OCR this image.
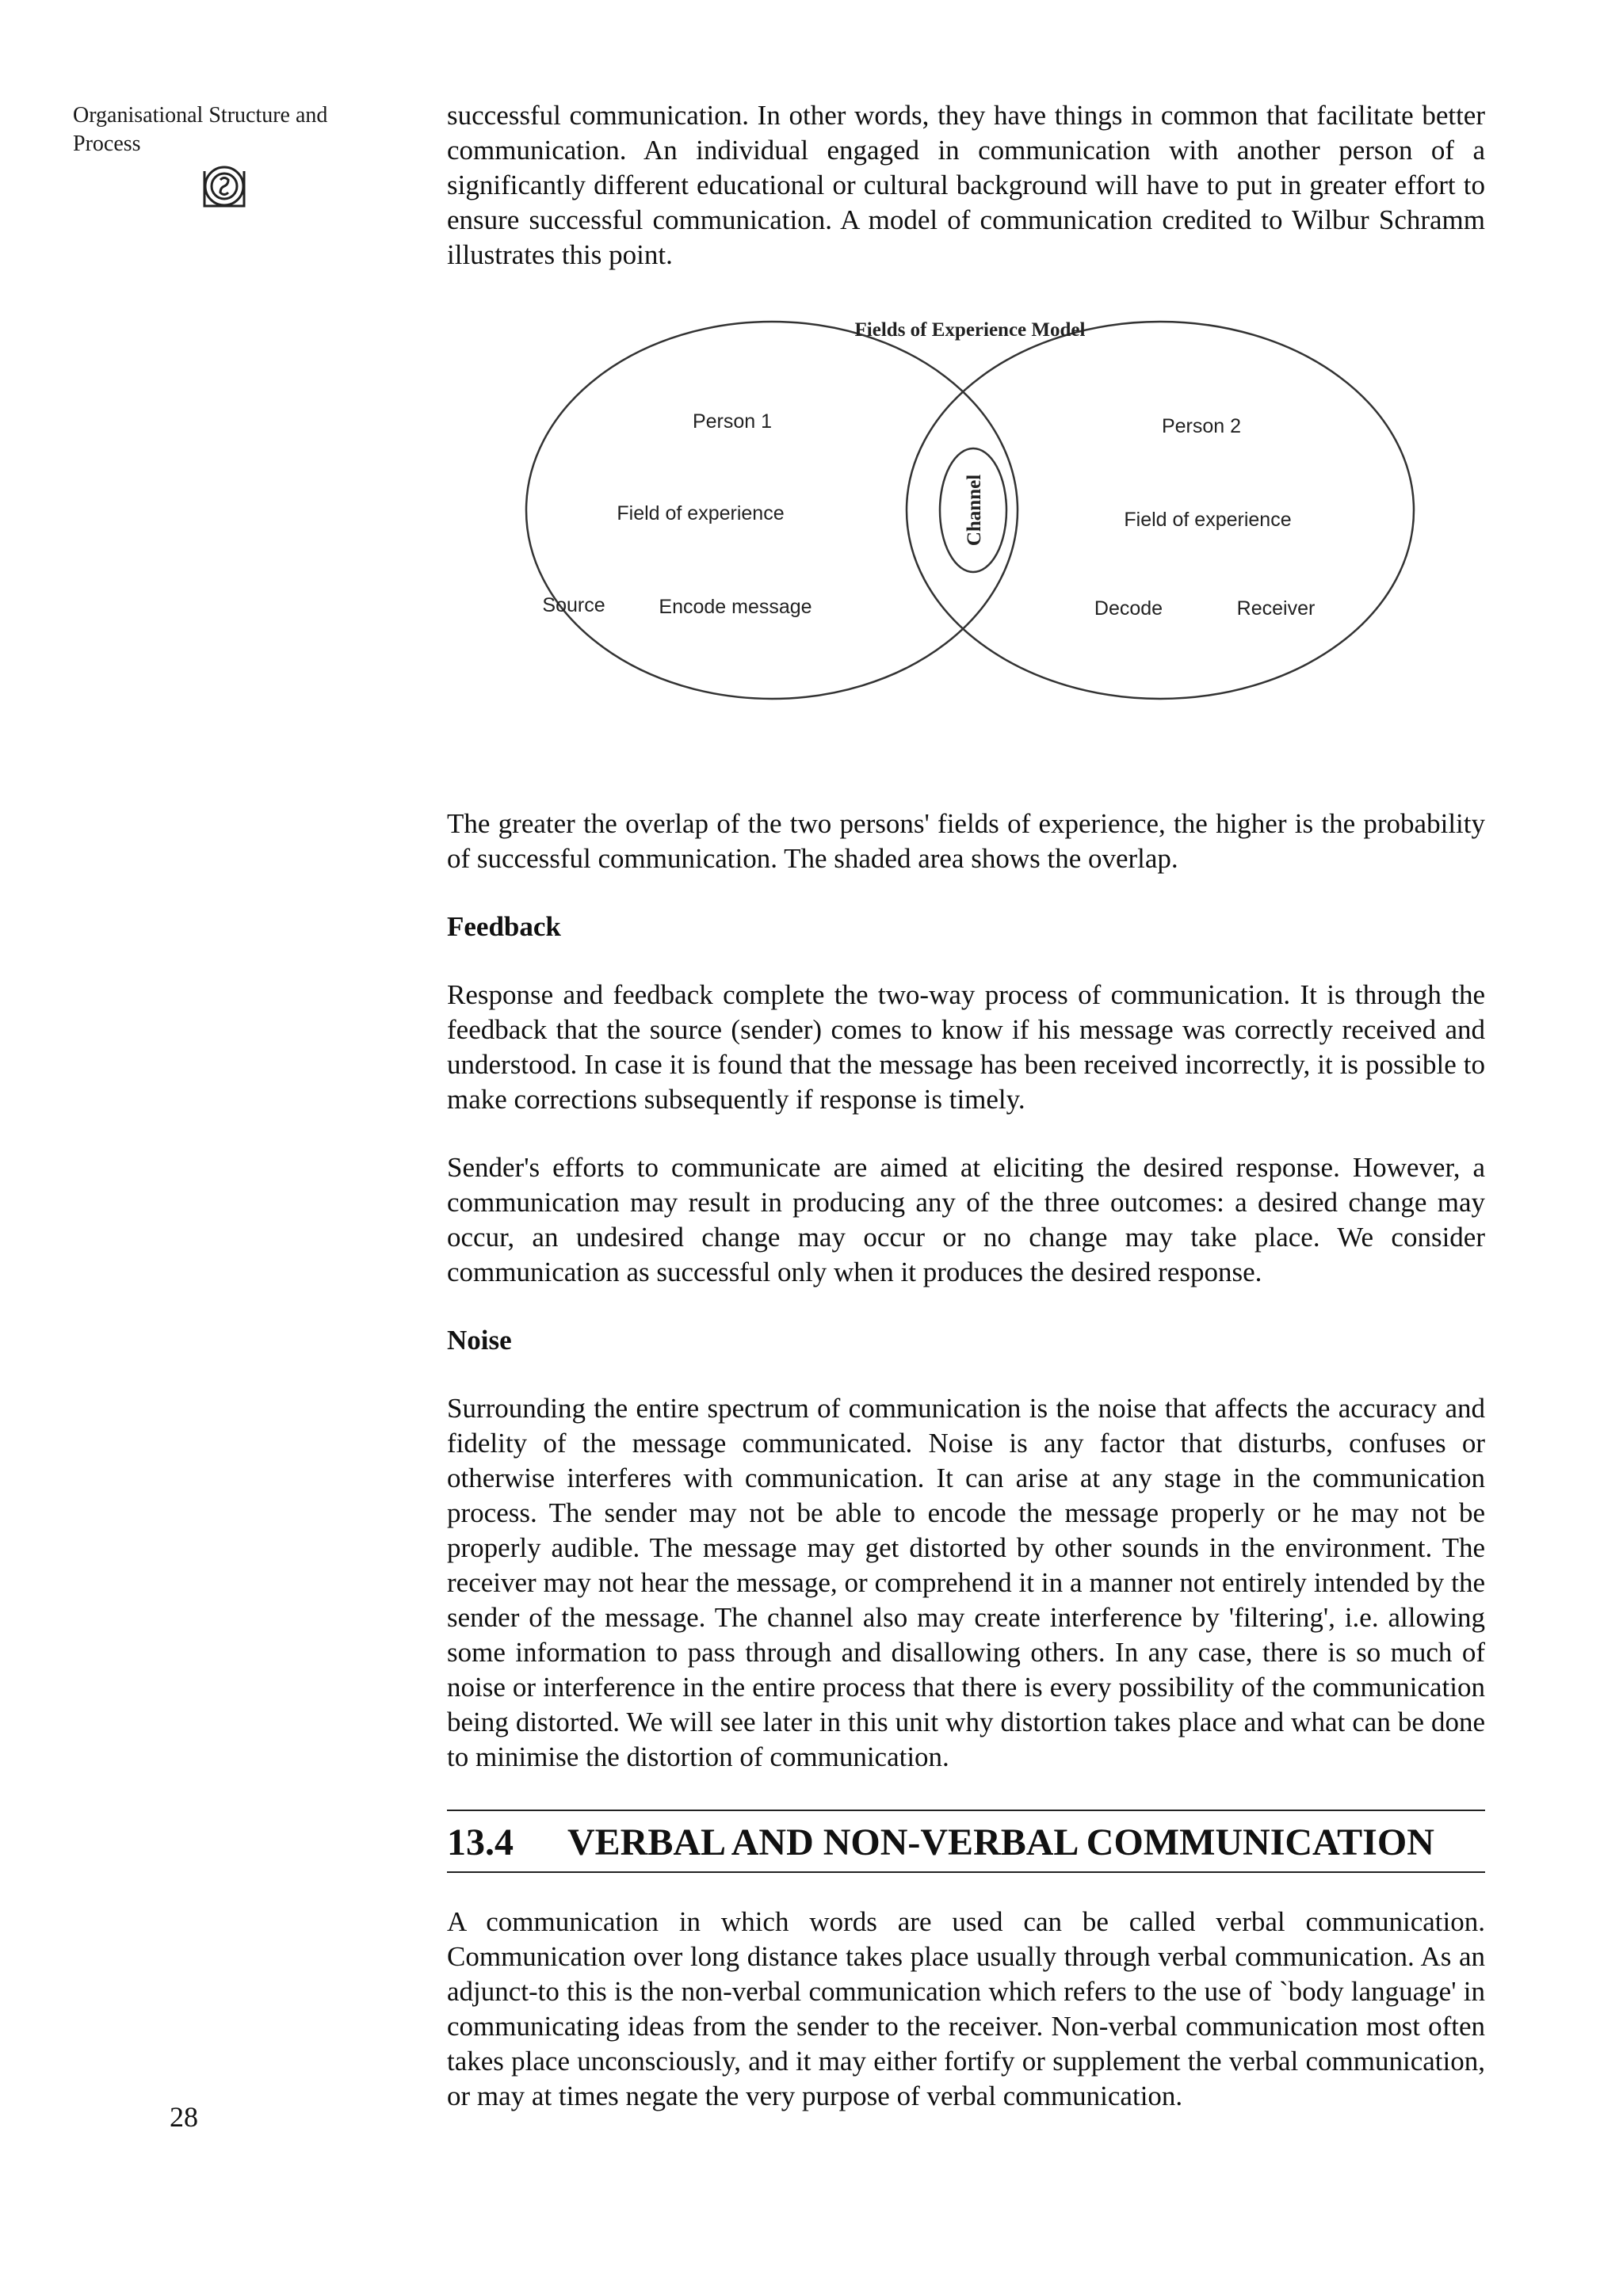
Organisational Structure and Process
28

successful communication. In other words, they have things in common that facilitate better communication. An individual engaged in communication with another person of a significantly different educational or cultural background will have to put in greater effort to ensure successful communication. A model of communication credited to Wilbur Schramm illustrates this point.

Fields of Experience Model
Person 1
Field of experience
Source	Encode message
Person 2
Field of experience
Decode	Receiver
Channel

The greater the overlap of the two persons' fields of experience, the higher is the probability of successful communication. The shaded area shows the overlap.

Feedback

Response and feedback complete the two-way process of communication. It is through the feedback that the source (sender) comes to know if his message was correctly received and understood. In case it is found that the message has been received incorrectly, it is possible to make corrections subsequently if response is timely.

Sender's efforts to communicate are aimed at eliciting the desired response. However, a communication may result in producing any of the three outcomes: a desired change may occur, an undesired change may occur or no change may take place. We consider communication as successful only when it produces the desired response.

Noise

Surrounding the entire spectrum of communication is the noise that affects the accuracy and fidelity of the message communicated. Noise is any factor that disturbs, confuses or otherwise interferes with communication. It can arise at any stage in the communication process. The sender may not be able to encode the message properly or he may not be properly audible. The message may get distorted by other sounds in the environment. The receiver may not hear the message, or comprehend it in a manner not entirely intended by the sender of the message. The channel also may create interference by 'filtering', i.e. allowing some information to pass through and disallowing others. In any case, there is so much of noise or interference in the entire process that there is every possibility of the communication being distorted. We will see later in this unit why distortion takes place and what can be done to minimise the distortion of communication.

13.4	VERBAL AND NON-VERBAL COMMUNICATION

A communication in which words are used can be called verbal communication. Communication over long distance takes place usually through verbal communication. As an adjunct-to this is the non-verbal communication which refers to the use of `body language' in communicating ideas from the sender to the receiver. Non-verbal communication most often takes place unconsciously, and it may either fortify or supplement the verbal communication, or may at times negate the very purpose of verbal communication.
